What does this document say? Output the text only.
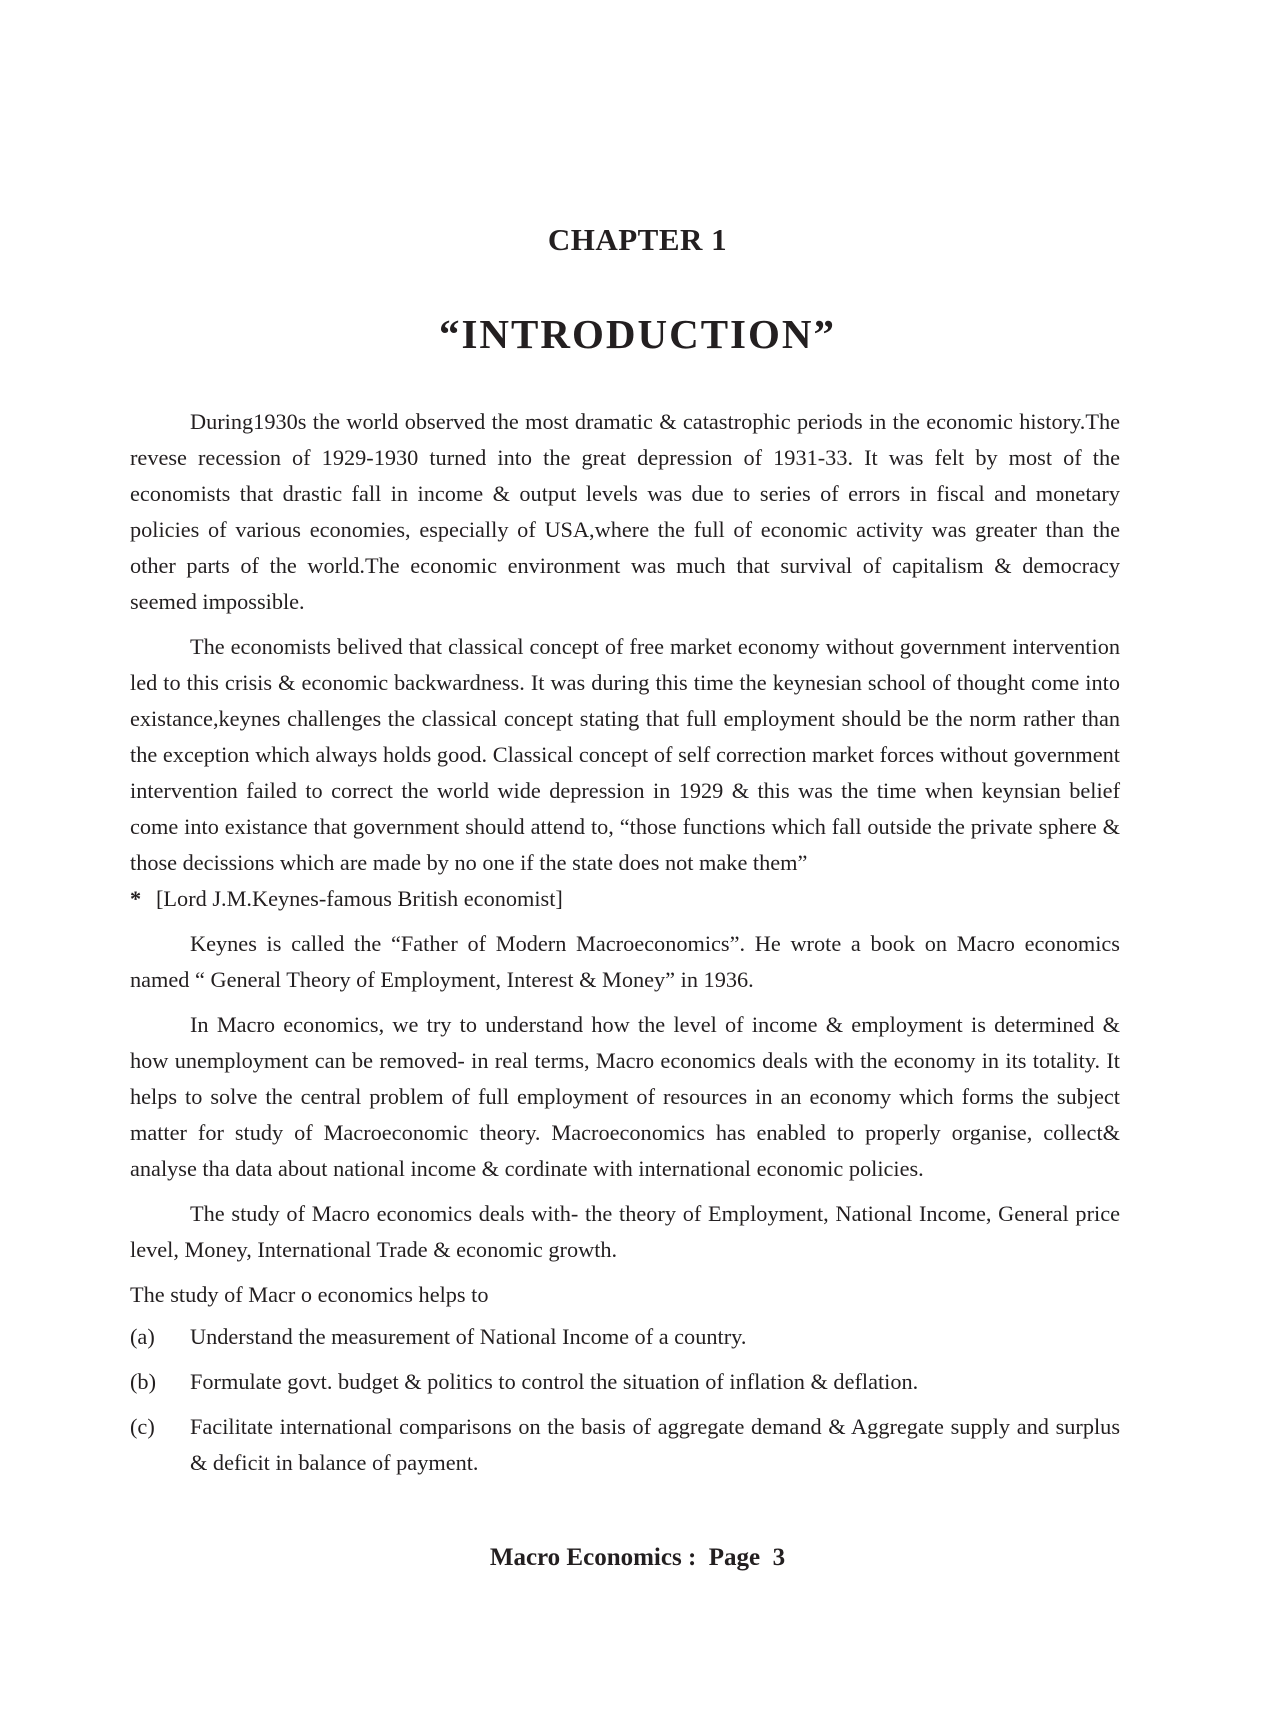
CHAPTER 1
“INTRODUCTION”

During1930s the world observed the most dramatic & catastrophic periods in the economic history.The revese recession of 1929-1930 turned into the great depression of 1931-33. It was felt by most of the economists that drastic fall in income & output levels was due to series of errors in fiscal and monetary policies of various economies, especially of USA,where the full of economic activity was greater than the other parts of the world.The economic environment was much that survival of capitalism & democracy seemed impossible.

The economists belived that classical concept of free market economy without government intervention led to this crisis & economic backwardness. It was during this time the keynesian school of thought come into existance,keynes challenges the classical concept stating that full employment should be the norm rather than the exception which always holds good. Classical concept of self correction market forces without government intervention failed to correct the world wide depression in 1929 & this was the time when keynsian belief come into existance that government should attend to, “those functions which fall outside the private sphere & those decissions which are made by no one if the state does not make them”
* [Lord J.M.Keynes-famous British economist]

Keynes is called the “Father of Modern Macroeconomics”. He wrote a book on Macro economics named “ General Theory of Employment, Interest & Money” in 1936.

In Macro economics, we try to understand how the level of income & employment is determined & how unemployment can be removed- in real terms, Macro economics deals with the economy in its totality. It helps to solve the central problem of full employment of resources in an economy which forms the subject matter for study of Macroeconomic theory. Macroeconomics has enabled to properly organise, collect& analyse tha data about national income & cordinate with international economic policies.

The study of Macro economics deals with- the theory of Employment, National Income, General price level, Money, International Trade & economic growth.

The study of Macr o economics helps to

(a)	Understand the measurement of National Income of a country.
(b)	Formulate govt. budget & politics to control the situation of inflation & deflation.
(c)	Facilitate international comparisons on the basis of aggregate demand & Aggregate supply and surplus & deficit in balance of payment.
Macro Economics : Page 3
